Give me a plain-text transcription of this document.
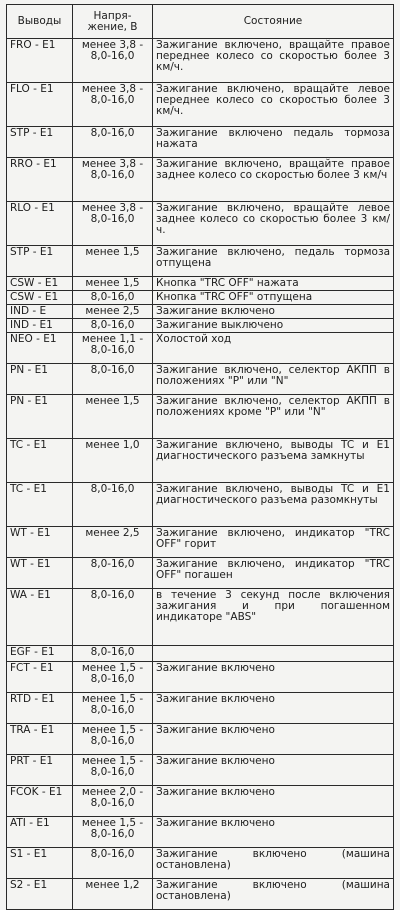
Выводы	Напря-жение, В	Состояние
FRO - E1	менее 3,8 - 8,0-16,0	Зажигание включено, вращайте правое переднее колесо со скоростью более 3 км/ч.
FLO - E1	менее 3,8 - 8,0-16,0	Зажигание включено, вращайте левое переднее колесо со скоростью более 3 км/ч.
STP - E1	8,0-16,0	Зажигание включено педаль тормоза нажата
RRO - E1	менее 3,8 - 8,0-16,0	Зажигание включено, вращайте правое заднее колесо со скоростью более 3 км/ч
RLO - E1	менее 3,8 - 8,0-16,0	Зажигание включено, вращайте левое заднее колесо со скоростью более 3 км/ч.
STP - E1	менее 1,5	Зажигание включено, педаль тормоза отпущена
CSW - E1	менее 1,5	Кнопка "TRC OFF" нажата
CSW - E1	8,0-16,0	Кнопка "TRC OFF" отпущена
IND - E	менее 2,5	Зажигание включено
IND - E1	8,0-16,0	Зажигание выключено
NEO - E1	менее 1,1 - 8,0-16,0	Холостой ход
PN - E1	8,0-16,0	Зажигание включено, селектор АКПП в положениях "P" или "N"
PN - E1	менее 1,5	Зажигание включено, селектор АКПП в положениях кроме "P" или "N"
TC - E1	менее 1,0	Зажигание включено, выводы TC и E1 диагностического разъема замкнуты
TC - E1	8,0-16,0	Зажигание включено, выводы TC и E1 диагностического разъема разомкнуты
WT - E1	менее 2,5	Зажигание включено, индикатор "TRC OFF" горит
WT - E1	8,0-16,0	Зажигание включено, индикатор "TRC OFF" погашен
WA - E1	8,0-16,0	в течение 3 секунд после включения зажигания и при погашенном индикаторе "ABS"
EGF - E1	8,0-16,0	
FCT - E1	менее 1,5 - 8,0-16,0	Зажигание включено
RTD - E1	менее 1,5 - 8,0-16,0	Зажигание включено
TRA - E1	менее 1,5 - 8,0-16,0	Зажигание включено
PRT - E1	менее 1,5 - 8,0-16,0	Зажигание включено
FCOK - E1	менее 2,0 - 8,0-16,0	Зажигание включено
ATI - E1	менее 1,5 - 8,0-16,0	Зажигание включено
S1 - E1	8,0-16,0	Зажигание включено (машина остановлена)
S2 - E1	менее 1,2	Зажигание включено (машина остановлена)
